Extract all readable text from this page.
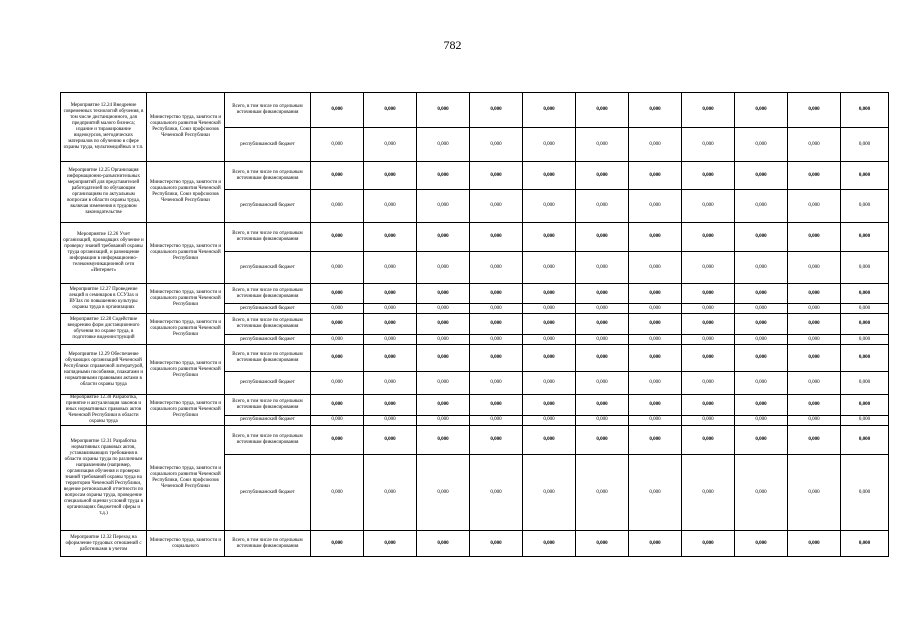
782
Мероприятие 12.24 Внедрение современных технологий обучения, в том числе дистанционного, для предприятий малого бизнеса; издание и тиражирование видеокурсов, методических материалов по обучению в сфере охраны труда, мультимедийных и т.п.	Министерство труда, занятости и социального развития Чеченской Республики, Союз профсоюзов Чеченской Республики	Всего, в том числе по отдельным источникам финансирования	0,000	0,000	0,000	0,000	0,000	0,000	0,000	0,000	0,000	0,000	0,000
		республиканский бюджет	0,000	0,000	0,000	0,000	0,000	0,000	0,000	0,000	0,000	0,000	0,000
Мероприятие 12.25 Организация информационно-разъяснительных мероприятий для представителей работодателей по обучающим организациям по актуальным вопросам в области охраны труда, включая изменения в трудовом законодательстве	Министерство труда, занятости и социального развития Чеченской Республики, Союз профсоюзов Чеченской Республики	Всего, в том числе по отдельным источникам финансирования	0,000	0,000	0,000	0,000	0,000	0,000	0,000	0,000	0,000	0,000	0,000
		республиканский бюджет	0,000	0,000	0,000	0,000	0,000	0,000	0,000	0,000	0,000	0,000	0,000
Мероприятие 12.26 Учет организаций, проводящих обучение и проверку знаний требований охраны труда организаций, и размещение информации в информационно-телекоммуникационной сети «Интернет»	Министерство труда, занятости и социального развития Чеченской Республики	Всего, в том числе по отдельным источникам финансирования	0,000	0,000	0,000	0,000	0,000	0,000	0,000	0,000	0,000	0,000	0,000
		республиканский бюджет	0,000	0,000	0,000	0,000	0,000	0,000	0,000	0,000	0,000	0,000	0,000
Мероприятие 12.27 Проведение лекций и семинаров в ССУЗах и ВУЗах по повышению культуры охраны труда в организациях	Министерство труда, занятости и социального развития Чеченской Республики	Всего, в том числе по отдельным источникам финансирования	0,000	0,000	0,000	0,000	0,000	0,000	0,000	0,000	0,000	0,000	0,000
		республиканский бюджет	0,000	0,000	0,000	0,000	0,000	0,000	0,000	0,000	0,000	0,000	0,000
Мероприятие 12.28 Содействие внедрению форм дистанционного обучения по охране труда, в подготовке видеоинструкций	Министерство труда, занятости и социального развития Чеченской Республики	Всего, в том числе по отдельным источникам финансирования	0,000	0,000	0,000	0,000	0,000	0,000	0,000	0,000	0,000	0,000	0,000
		республиканский бюджет	0,000	0,000	0,000	0,000	0,000	0,000	0,000	0,000	0,000	0,000	0,000
Мероприятие 12.29 Обеспечение обучающих организаций Чеченской Республики справочной литературой, наглядными пособиями, плакатами и нормативными правовыми актами в области охраны труда	Министерство труда, занятости и социального развития Чеченской Республики	Всего, в том числе по отдельным источникам финансирования	0,000	0,000	0,000	0,000	0,000	0,000	0,000	0,000	0,000	0,000	0,000
		республиканский бюджет	0,000	0,000	0,000	0,000	0,000	0,000	0,000	0,000	0,000	0,000	0,000
Мероприятие 12.30 Разработка, принятие и актуализация законов и иных нормативных правовых актов Чеченской Республики в области охраны труда	Министерство труда, занятости и социального развития Чеченской Республики	Всего, в том числе по отдельным источникам финансирования	0,000	0,000	0,000	0,000	0,000	0,000	0,000	0,000	0,000	0,000	0,000
		республиканский бюджет	0,000	0,000	0,000	0,000	0,000	0,000	0,000	0,000	0,000	0,000	0,000
Мероприятие 12.31 Разработка нормативных правовых актов, устанавливающих требования в области охраны труда по различным направлениям (например, организация обучения и проверки знаний требований охраны труда на территории Чеченской Республики, ведение региональной отчетности по вопросам охраны труда, проведение специальной оценки условий труда в организациях бюджетной сферы и т.д.)	Министерство труда, занятости и социального развития Чеченской Республики, Союз профсоюзов Чеченской Республики	Всего, в том числе по отдельным источникам финансирования	0,000	0,000	0,000	0,000	0,000	0,000	0,000	0,000	0,000	0,000	0,000
		республиканский бюджет	0,000	0,000	0,000	0,000	0,000	0,000	0,000	0,000	0,000	0,000	0,000
Мероприятие 12.32 Переход на оформление трудовых отношений с работниками в учетом	Министерство труда, занятости и социального	Всего, в том числе по отдельным источникам финансирования	0,000	0,000	0,000	0,000	0,000	0,000	0,000	0,000	0,000	0,000	0,000
